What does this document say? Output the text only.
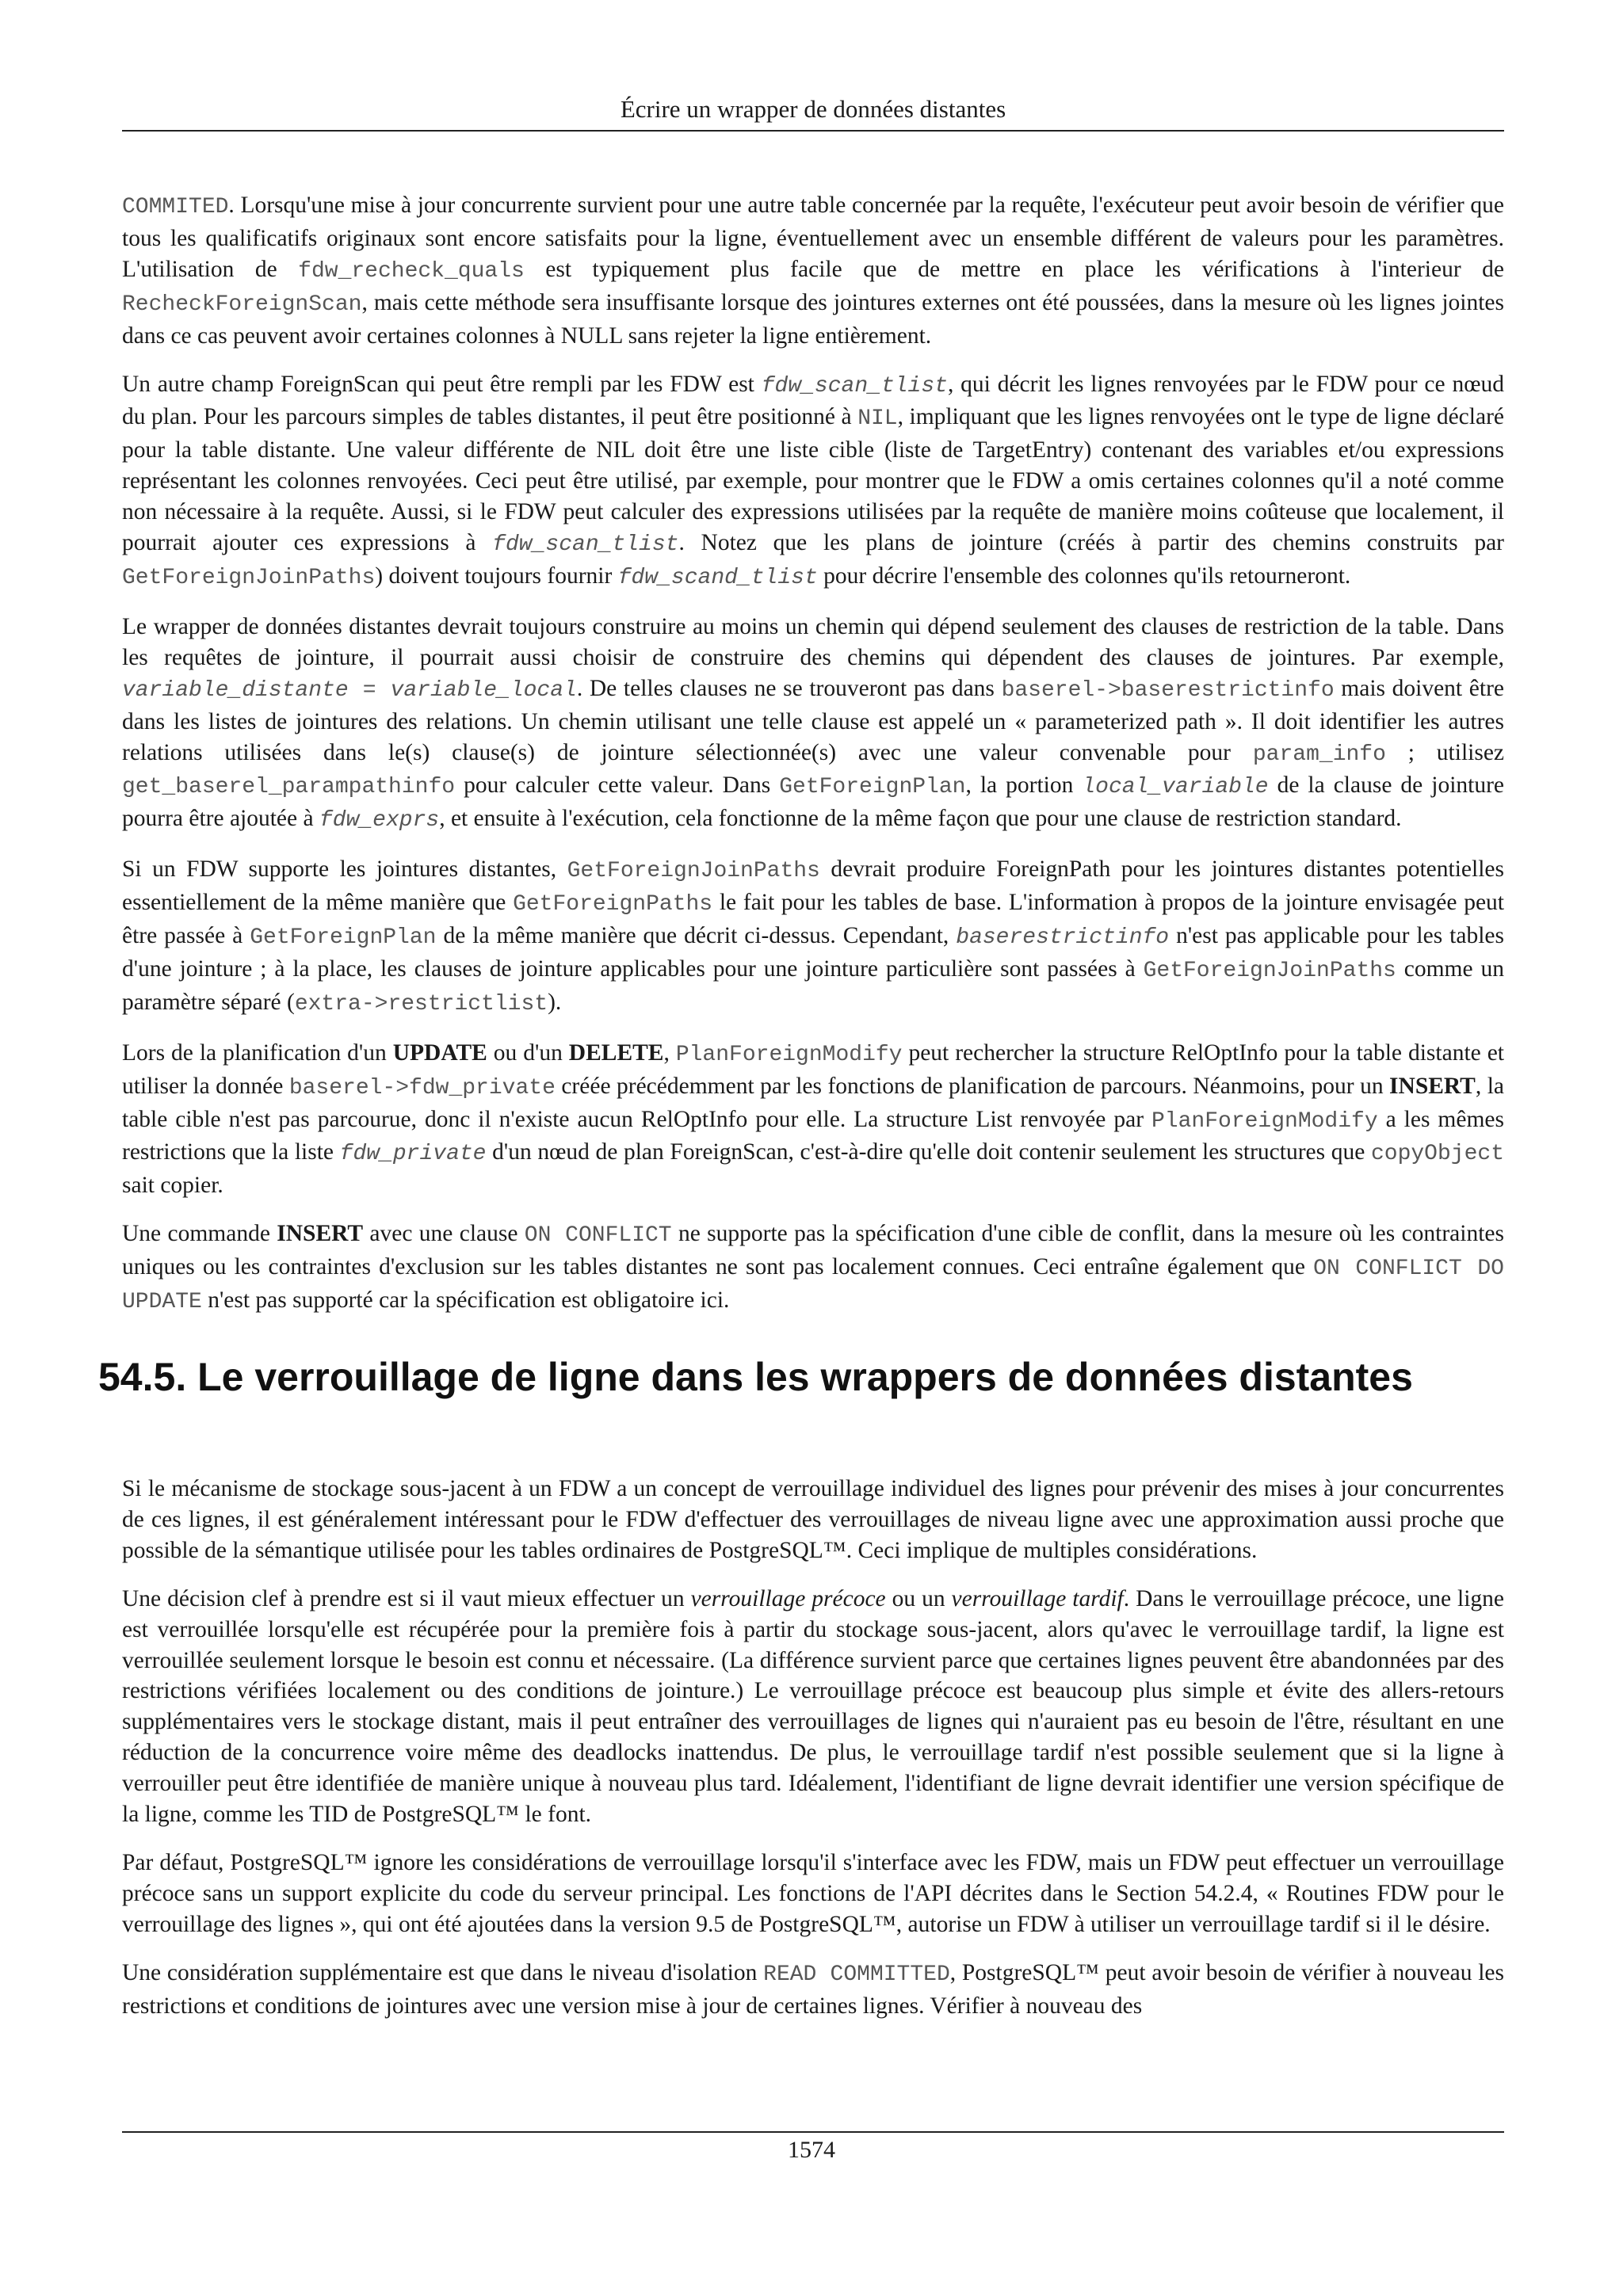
Écrire un wrapper de données distantes

COMMITED. Lorsqu'une mise à jour concurrente survient pour une autre table concernée par la requête, l'exécuteur peut avoir besoin de vérifier que tous les qualificatifs originaux sont encore satisfaits pour la ligne, éventuellement avec un ensemble différent de valeurs pour les paramètres. L'utilisation de fdw_recheck_quals est typiquement plus facile que de mettre en place les vérifications à l'interieur de RecheckForeignScan, mais cette méthode sera insuffisante lorsque des jointures externes ont été poussées, dans la mesure où les lignes jointes dans ce cas peuvent avoir certaines colonnes à NULL sans rejeter la ligne entièrement.

Un autre champ ForeignScan qui peut être rempli par les FDW est fdw_scan_tlist, qui décrit les lignes renvoyées par le FDW pour ce nœud du plan. Pour les parcours simples de tables distantes, il peut être positionné à NIL, impliquant que les lignes renvoyées ont le type de ligne déclaré pour la table distante. Une valeur différente de NIL doit être une liste cible (liste de TargetEntry) contenant des variables et/ou expressions représentant les colonnes renvoyées. Ceci peut être utilisé, par exemple, pour montrer que le FDW a omis certaines colonnes qu'il a noté comme non nécessaire à la requête. Aussi, si le FDW peut calculer des expressions utilisées par la requête de manière moins coûteuse que localement, il pourrait ajouter ces expressions à fdw_scan_tlist. Notez que les plans de jointure (créés à partir des chemins construits par GetForeignJoinPaths) doivent toujours fournir fdw_scand_tlist pour décrire l'ensemble des colonnes qu'ils retourneront.

Le wrapper de données distantes devrait toujours construire au moins un chemin qui dépend seulement des clauses de restriction de la table. Dans les requêtes de jointure, il pourrait aussi choisir de construire des chemins qui dépendent des clauses de jointures. Par exemple, variable_distante = variable_local. De telles clauses ne se trouveront pas dans baserel->baserestrictinfo mais doivent être dans les listes de jointures des relations. Un chemin utilisant une telle clause est appelé un « parameterized path ». Il doit identifier les autres relations utilisées dans le(s) clause(s) de jointure sélectionnée(s) avec une valeur convenable pour param_info ; utilisez get_baserel_parampathinfo pour calculer cette valeur. Dans GetForeignPlan, la portion local_variable de la clause de jointure pourra être ajoutée à fdw_exprs, et ensuite à l'exécution, cela fonctionne de la même façon que pour une clause de restriction standard.

Si un FDW supporte les jointures distantes, GetForeignJoinPaths devrait produire ForeignPath pour les jointures distantes potentielles essentiellement de la même manière que GetForeignPaths le fait pour les tables de base. L'information à propos de la jointure envisagée peut être passée à GetForeignPlan de la même manière que décrit ci-dessus. Cependant, baserestrictinfo n'est pas applicable pour les tables d'une jointure ; à la place, les clauses de jointure applicables pour une jointure particulière sont passées à GetForeignJoinPaths comme un paramètre séparé (extra->restrictlist).

Lors de la planification d'un UPDATE ou d'un DELETE, PlanForeignModify peut rechercher la structure RelOptInfo pour la table distante et utiliser la donnée baserel->fdw_private créée précédemment par les fonctions de planification de parcours. Néanmoins, pour un INSERT, la table cible n'est pas parcourue, donc il n'existe aucun RelOptInfo pour elle. La structure List renvoyée par PlanForeignModify a les mêmes restrictions que la liste fdw_private d'un nœud de plan ForeignScan, c'est-à-dire qu'elle doit contenir seulement les structures que copyObject sait copier.

Une commande INSERT avec une clause ON CONFLICT ne supporte pas la spécification d'une cible de conflit, dans la mesure où les contraintes uniques ou les contraintes d'exclusion sur les tables distantes ne sont pas localement connues. Ceci entraîne également que ON CONFLICT DO UPDATE n'est pas supporté car la spécification est obligatoire ici.

54.5. Le verrouillage de ligne dans les wrappers de données distantes

Si le mécanisme de stockage sous-jacent à un FDW a un concept de verrouillage individuel des lignes pour prévenir des mises à jour concurrentes de ces lignes, il est généralement intéressant pour le FDW d'effectuer des verrouillages de niveau ligne avec une approximation aussi proche que possible de la sémantique utilisée pour les tables ordinaires de PostgreSQL™. Ceci implique de multiples considérations.

Une décision clef à prendre est si il vaut mieux effectuer un verrouillage précoce ou un verrouillage tardif. Dans le verrouillage précoce, une ligne est verrouillée lorsqu'elle est récupérée pour la première fois à partir du stockage sous-jacent, alors qu'avec le verrouillage tardif, la ligne est verrouillée seulement lorsque le besoin est connu et nécessaire. (La différence survient parce que certaines lignes peuvent être abandonnées par des restrictions vérifiées localement ou des conditions de jointure.) Le verrouillage précoce est beaucoup plus simple et évite des allers-retours supplémentaires vers le stockage distant, mais il peut entraîner des verrouillages de lignes qui n'auraient pas eu besoin de l'être, résultant en une réduction de la concurrence voire même des deadlocks inattendus. De plus, le verrouillage tardif n'est possible seulement que si la ligne à verrouiller peut être identifiée de manière unique à nouveau plus tard. Idéalement, l'identifiant de ligne devrait identifier une version spécifique de la ligne, comme les TID de PostgreSQL™ le font.

Par défaut, PostgreSQL™ ignore les considérations de verrouillage lorsqu'il s'interface avec les FDW, mais un FDW peut effectuer un verrouillage précoce sans un support explicite du code du serveur principal. Les fonctions de l'API décrites dans le Section 54.2.4, « Routines FDW pour le verrouillage des lignes », qui ont été ajoutées dans la version 9.5 de PostgreSQL™, autorise un FDW à utiliser un verrouillage tardif si il le désire.

Une considération supplémentaire est que dans le niveau d'isolation READ COMMITTED, PostgreSQL™ peut avoir besoin de vérifier à nouveau les restrictions et conditions de jointures avec une version mise à jour de certaines lignes. Vérifier à nouveau des

1574
